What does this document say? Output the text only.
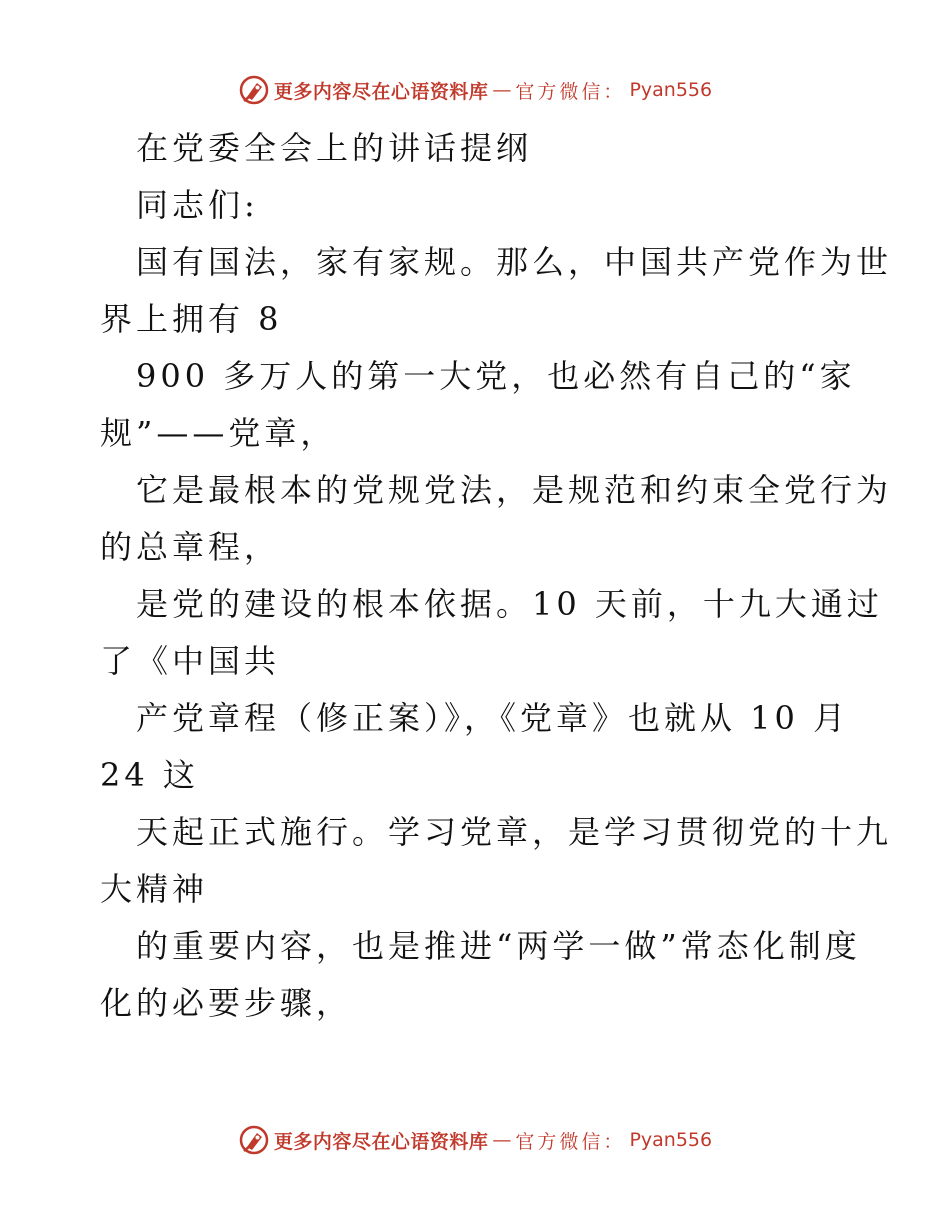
更多内容尽在心语资料库 — 官方微信： Pyan556
在党委全会上的讲话提纲
同志们:
国有国法，家有家规。那么，中国共产党作为世
界上拥有 8
900 多万人的第一大党，也必然有自己的“家
规”——党章，
它是最根本的党规党法，是规范和约束全党行为
的总章程，
是党的建设的根本依据。10 天前，十九大通过
了《中国共
产党章程（修正案）》，《党章》也就从 10 月
24 这
天起正式施行。学习党章，是学习贯彻党的十九
大精神
的重要内容，也是推进“两学一做”常态化制度
化的必要步骤，
更多内容尽在心语资料库 — 官方微信： Pyan556
